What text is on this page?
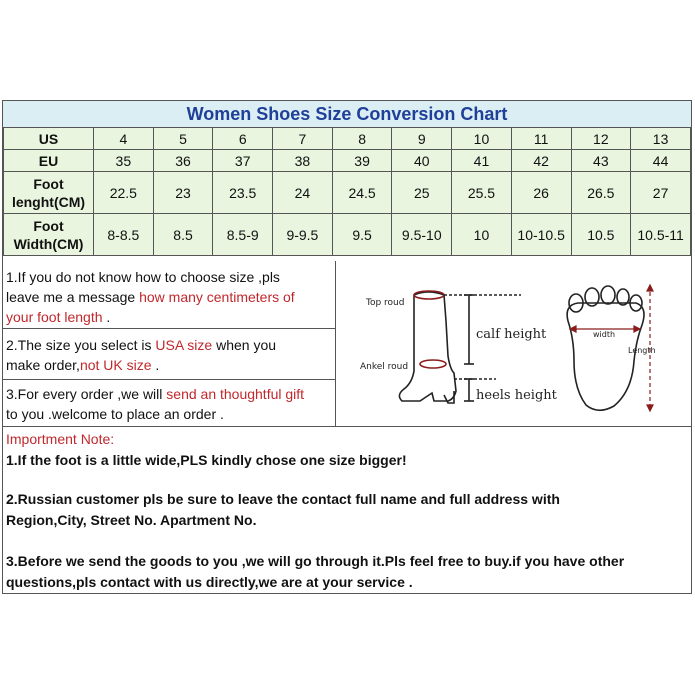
Women Shoes Size Conversion Chart
US	4	5	6	7	8	9	10	11	12	13
EU	35	36	37	38	39	40	41	42	43	44

Foot
lenght(CM)	22.5	23	23.5	24	24.5	25	25.5	26	26.5	27

Foot
Width(CM)	8-8.5	8.5	8.5-9	9-9.5	9.5	9.5-10	10	10-10.5	10.5	10.5-11
1.If you do not know how to choose size ,pls
leave me a message how many centimeters of
your foot length .
2.The size you select is USA size when you
make order,not UK size .
3.For every order ,we will send an thoughtful gift
to you .welcome to place an order .
Top roud
Ankel roud
calf height
heels height
width
Length
Importment Note:
1.If the foot is a little wide,PLS kindly chose one size bigger!
2.Russian customer pls be sure to leave the contact full name and full address with
Region,City, Street No. Apartment No.
3.Before we send the goods to you ,we will go through it.Pls feel free to buy.if you have other
questions,pls contact with us directly,we are at your service .
